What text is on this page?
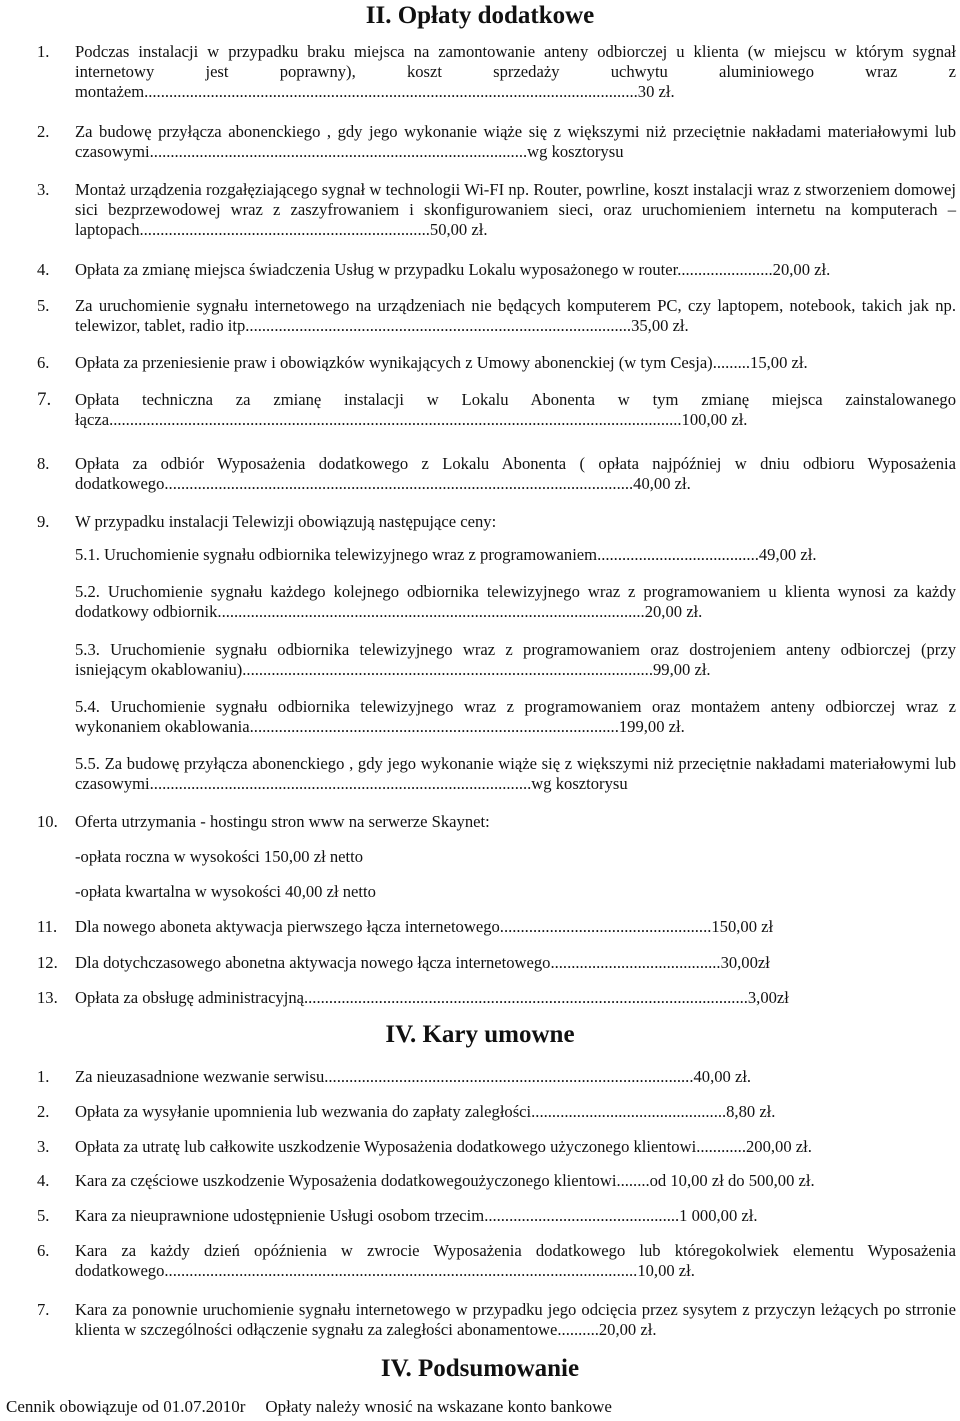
II. Opłaty dodatkowe
1. Podczas instalacji w przypadku braku miejsca na zamontowanie anteny odbiorczej u klienta (w miejscu w którym sygnał internetowy jest poprawny), koszt sprzedaży uchwytu aluminiowego wraz z montażem.......................................................................................................................30 zł.
2. Za budowę przyłącza abonenckiego , gdy jego wykonanie wiąże się z większymi niż przeciętnie nakładami materiałowymi lub czasowymi...........................................................................................wg kosztorysu
3. Montaż urządzenia rozgałęziającego sygnał w technologii Wi-FI np. Router, powrline, koszt instalacji wraz z stworzeniem domowej sici bezprzewodowej wraz z zaszyfrowaniem i skonfigurowaniem sieci, oraz uruchomieniem internetu na komputerach – laptopach......................................................................50,00 zł.
4. Opłata za zmianę miejsca świadczenia Usług w przypadku Lokalu wyposażonego w router.......................20,00 zł.
5. Za uruchomienie sygnału internetowego na urządzeniach nie będących komputerem PC, czy laptopem, notebook, takich jak np. telewizor, tablet, radio itp.............................................................................................35,00 zł.
6. Opłata za przeniesienie praw i obowiązków wynikających z Umowy abonenckiej (w tym Cesja).........15,00 zł.
7. Opłata techniczna za zmianę instalacji w Lokalu Abonenta w tym zmianę miejsca zainstalowanego łącza..........................................................................................................................................100,00 zł.
8. Opłata za odbiór Wyposażenia dodatkowego z Lokalu Abonenta ( opłata najpóźniej w dniu odbioru Wyposażenia dodatkowego.................................................................................................................40,00 zł.
9. W przypadku instalacji Telewizji obowiązują następujące ceny:
5.1. Uruchomienie sygnału odbiornika telewizyjnego wraz z programowaniem.......................................49,00 zł.
5.2. Uruchomienie sygnału każdego kolejnego odbiornika telewizyjnego wraz z programowaniem u klienta wynosi za każdy dodatkowy odbiornik.......................................................................................................20,00 zł.
5.3. Uruchomienie sygnału odbiornika telewizyjnego wraz z programowaniem oraz dostrojeniem anteny odbiorczej (przy isniejącym okablowaniu)...................................................................................................99,00 zł.
5.4. Uruchomienie sygnału odbiornika telewizyjnego wraz z programowaniem oraz montażem anteny odbiorczej wraz z wykonaniem okablowania.........................................................................................199,00 zł.
5.5. Za budowę przyłącza abonenckiego , gdy jego wykonanie wiąże się z większymi niż przeciętnie nakładami materiałowymi lub czasowymi............................................................................................wg kosztorysu
10. Oferta utrzymania - hostingu stron www na serwerze Skaynet:
-opłata roczna w wysokości 150,00 zł netto
-opłata kwartalna w wysokości 40,00 zł netto
11. Dla nowego aboneta aktywacja pierwszego łącza internetowego...................................................150,00 zł
12. Dla dotychczasowego abonetna aktywacja nowego łącza internetowego.........................................30,00zł
13. Opłata za obsługę administracyjną...........................................................................................................3,00zł
IV. Kary umowne
1. Za nieuzasadnione wezwanie serwisu.........................................................................................40,00 zł.
2. Opłata za wysyłanie upomnienia lub wezwania do zapłaty zaległości...............................................8,80 zł.
3. Opłata za utratę lub całkowite uszkodzenie Wyposażenia dodatkowego użyczonego klientowi............200,00 zł.
4. Kara za częściowe uszkodzenie Wyposażenia dodatkowegoużyczonego klientowi........od 10,00 zł do 500,00 zł.
5. Kara za nieuprawnione udostępnienie Usługi osobom trzecim...............................................1 000,00 zł.
6. Kara za każdy dzień opóźnienia w zwrocie Wyposażenia dodatkowego lub któregokolwiek elementu Wyposażenia dodatkowego..................................................................................................................10,00 zł.
7. Kara za ponownie uruchomienie sygnału internetowego w przypadku jego odcięcia przez sysytem z przyczyn leżących po strronie klienta w szczególności odłączenie sygnału za zaległości abonamentowe..........20,00 zł.
IV. Podsumowanie
Cennik obowiązuje od 01.07.2010r Opłaty należy wnosić na wskazane konto bankowe
